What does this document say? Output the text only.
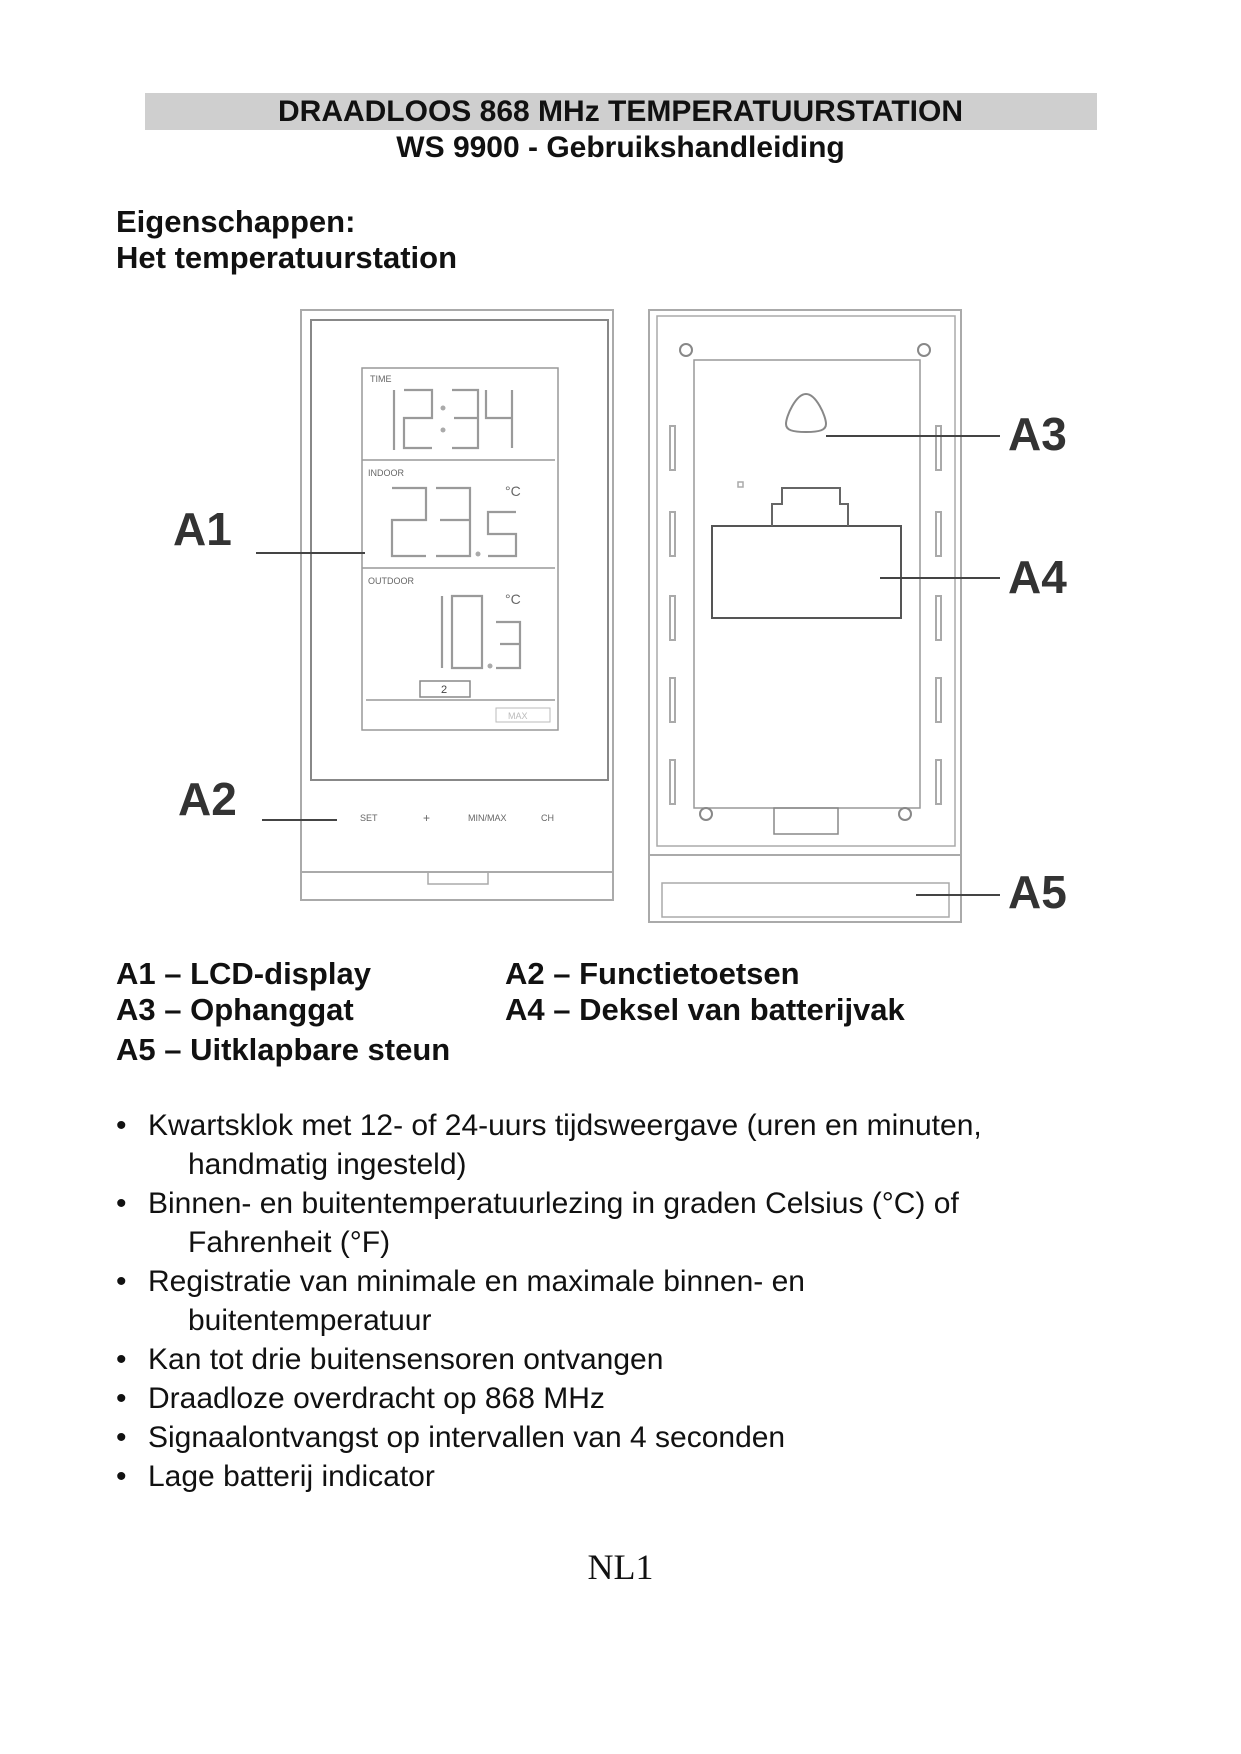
DRAADLOOS 868 MHz TEMPERATUURSTATION
WS 9900 - Gebruikshandleiding
Eigenschappen:
Het temperatuurstation
TIME
INDOOR
OUTDOOR
°C
°C
2
MAX
SET	+	MIN/MAX	CH
A1
A2
A3
A4
A5
A1 – LCD-display	A2 – Functietoetsen
A3 – Ophanggat	A4 – Deksel van batterijvak
A5 – Uitklapbare steun
• Kwartsklok met 12- of 24-uurs tijdsweergave (uren en minuten,
handmatig ingesteld)
• Binnen- en buitentemperatuurlezing in graden Celsius (°C) of
Fahrenheit (°F)
• Registratie van minimale en maximale binnen- en
buitentemperatuur
• Kan tot drie buitensensoren ontvangen
• Draadloze overdracht op 868 MHz
• Signaalontvangst op intervallen van 4 seconden
• Lage batterij indicator
NL1
